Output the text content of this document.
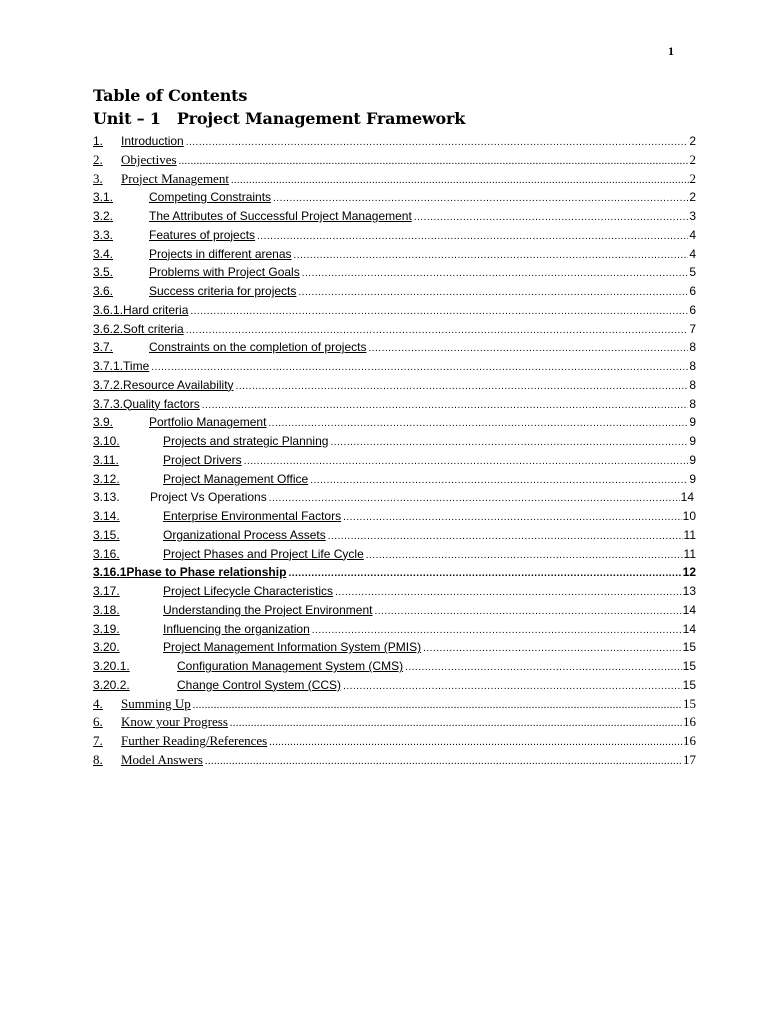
1
Table of Contents
Unit – 1   Project Management Framework
1.	Introduction .....	2
2.	Objectives .....	2
3.	Project Management .....	2
3.1.	Competing Constraints .....	2
3.2.	The Attributes of Successful Project Management .....	3
3.3.	Features of projects .....	4
3.4.	Projects in different arenas .....	4
3.5.	Problems with Project Goals .....	5
3.6.	Success criteria for projects .....	6
3.6.1. Hard criteria .....	6
3.6.2. Soft criteria .....	7
3.7.	Constraints on the completion of projects .....	8
3.7.1. Time .....	8
3.7.2. Resource Availability .....	8
3.7.3. Quality factors .....	8
3.9.	Portfolio Management .....	9
3.10.	Projects and strategic Planning .....	9
3.11.	Project Drivers .....	9
3.12.	Project Management Office .....	9
3.13.	Project Vs Operations .....	14
3.14.	Enterprise Environmental Factors .....	10
3.15.	Organizational Process Assets .....	11
3.16.	Project Phases and Project Life Cycle .....	11
3.16.1 Phase to Phase relationship .....	12
3.17.	Project Lifecycle Characteristics .....	13
3.18.	Understanding the Project Environment .....	14
3.19.	Influencing the organization .....	14
3.20.	Project Management Information System (PMIS) .....	15
3.20.1.	Configuration Management System (CMS) .....	15
3.20.2.	Change Control System (CCS) .....	15
4.	Summing Up .....	15
6.	Know your Progress .....	16
7.	Further Reading/References .....	16
8.	Model Answers .....	17
